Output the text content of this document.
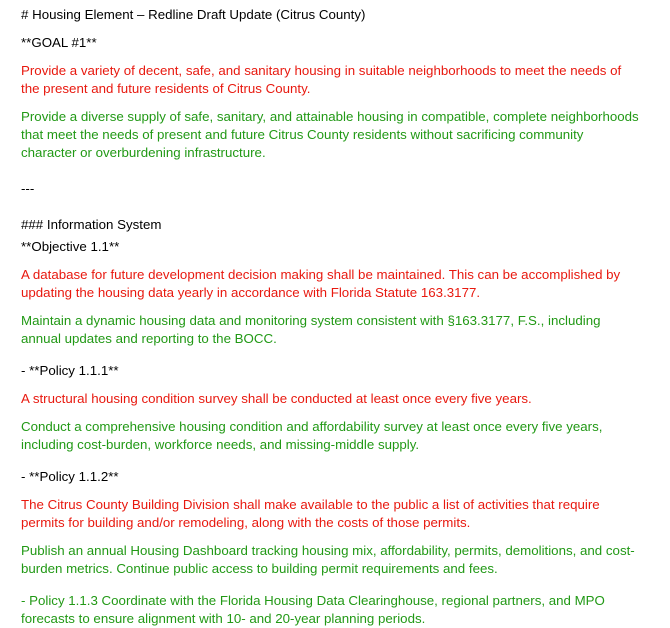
# Housing Element – Redline Draft Update (Citrus County)

**GOAL #1**

Provide a variety of decent, safe, and sanitary housing in suitable neighborhoods to meet the needs of the present and future residents of Citrus County.

Provide a diverse supply of safe, sanitary, and attainable housing in compatible, complete neighborhoods that meet the needs of present and future Citrus County residents without sacrificing community character or overburdening infrastructure.

---

### Information System

**Objective 1.1**

A database for future development decision making shall be maintained. This can be accomplished by updating the housing data yearly in accordance with Florida Statute 163.3177.

Maintain a dynamic housing data and monitoring system consistent with §163.3177, F.S., including annual updates and reporting to the BOCC.

- **Policy 1.1.1**

A structural housing condition survey shall be conducted at least once every five years.

Conduct a comprehensive housing condition and affordability survey at least once every five years, including cost-burden, workforce needs, and missing-middle supply.

- **Policy 1.1.2**

The Citrus County Building Division shall make available to the public a list of activities that require permits for building and/or remodeling, along with the costs of those permits.

Publish an annual Housing Dashboard tracking housing mix, affordability, permits, demolitions, and cost-burden metrics. Continue public access to building permit requirements and fees.

- Policy 1.1.3 Coordinate with the Florida Housing Data Clearinghouse, regional partners, and MPO forecasts to ensure alignment with 10- and 20-year planning periods.
